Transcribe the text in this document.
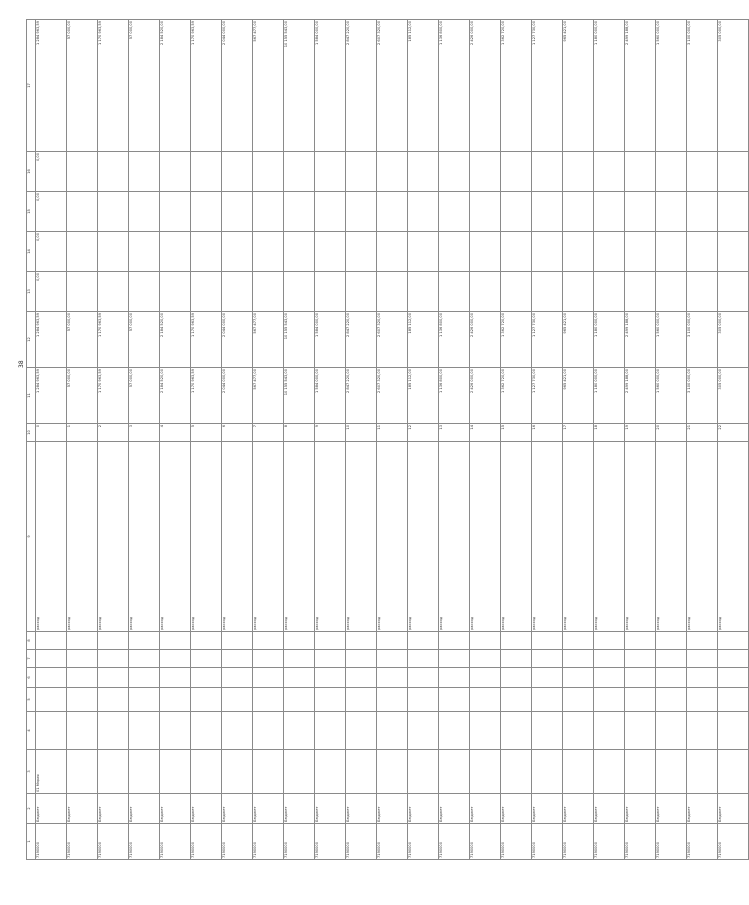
38
1	2	3	4	5	6	7	8	9	10	11	12	13	14	15	16	17
7190000	Бюджет	01 Мэрия						расход	0	1 284 963,59	1 284 963,59	0,00	0,00	0,00	0,00	1 284 963,59
7190000	Бюджет							расход	1	57 000,00	57 000,00					57 000,00
7190000	Бюджет							расход	2	1 170 963,59	1 170 963,59					1 170 963,59
7190000	Бюджет							расход	3	57 000,00	57 000,00					57 000,00
7190000	Бюджет							расход	4	2 184 520,00	2 184 520,00					2 184 520,00
7190000	Бюджет							расход	5	1 170 963,59	1 170 963,59					1 170 963,59
7190000	Бюджет							расход	6	2 044 000,00	2 044 000,00					2 044 000,00
7190000	Бюджет							расход	7	567 477,00	567 477,00					567 477,00
7190000	Бюджет							расход	8	10 155 543,00	10 155 543,00					10 155 543,00
7190000	Бюджет							расход	9	1 584 000,00	1 584 000,00					1 584 000,00
7190000	Бюджет							расход	10	2 847 220,00	2 847 220,00					2 847 220,00
7190000	Бюджет							расход	11	2 607 320,00	2 607 320,00					2 607 320,00
7190000	Бюджет							расход	12	185 112,00	185 112,00					185 112,00
7190000	Бюджет							расход	13	1 136 800,00	1 136 800,00					1 136 800,00
7190000	Бюджет							расход	14	2 426 000,00	2 426 000,00					2 426 000,00
7190000	Бюджет							расход	15	1 362 720,00	1 362 720,00					1 362 720,00
7190000	Бюджет							расход	16	1 127 730,00	1 127 730,00					1 127 730,00
7190000	Бюджет							расход	17	965 421,00	965 421,00					965 421,00
7190000	Бюджет							расход	18	1 180 000,00	1 180 000,00					1 180 000,00
7190000	Бюджет							расход	19	2 499 188,00	2 499 188,00					2 499 188,00
7190000	Бюджет							расход	20	1 560 000,00	1 560 000,00					1 560 000,00
7190000	Бюджет							расход	21	3 100 000,00	3 100 000,00					3 100 000,00
7190000	Бюджет							расход	22	305 000,00	305 000,00					305 000,00
